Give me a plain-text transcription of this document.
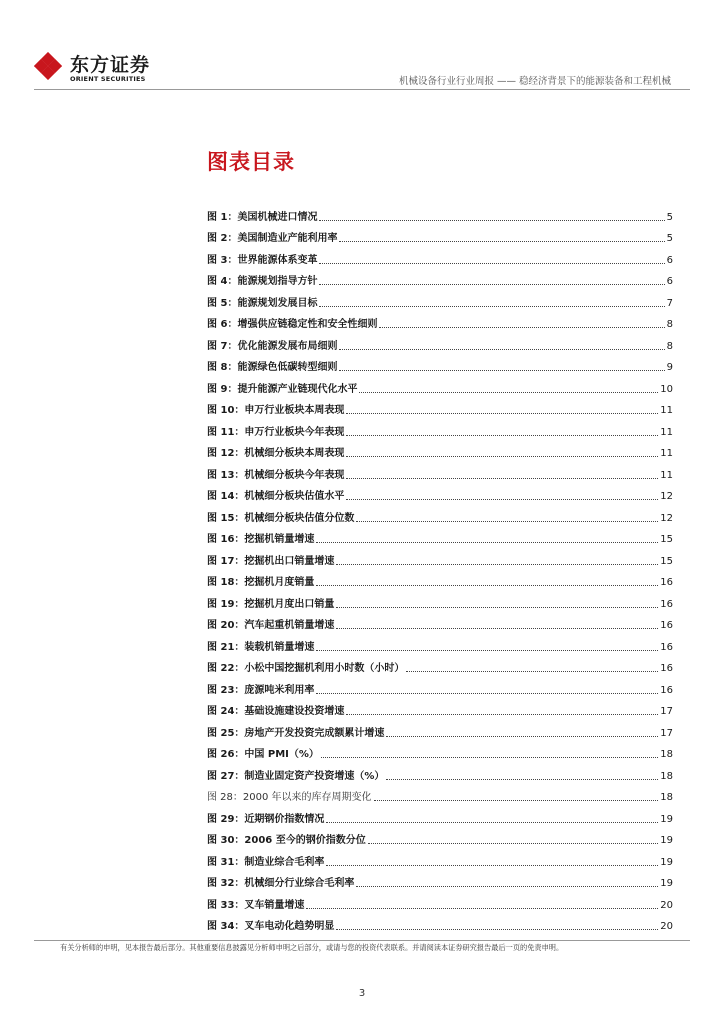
东方证券
ORIENT SECURITIES	机械设备行业行业周报 —— 稳经济背景下的能源装备和工程机械
图表目录
图 1：美国机械进口情况	5
图 2：美国制造业产能利用率	5
图 3：世界能源体系变革	6
图 4：能源规划指导方针	6
图 5：能源规划发展目标	7
图 6：增强供应链稳定性和安全性细则	8
图 7：优化能源发展布局细则	8
图 8：能源绿色低碳转型细则	9
图 9：提升能源产业链现代化水平	10
图 10：申万行业板块本周表现	11
图 11：申万行业板块今年表现	11
图 12：机械细分板块本周表现	11
图 13：机械细分板块今年表现	11
图 14：机械细分板块估值水平	12
图 15：机械细分板块估值分位数	12
图 16：挖掘机销量增速	15
图 17：挖掘机出口销量增速	15
图 18：挖掘机月度销量	16
图 19：挖掘机月度出口销量	16
图 20：汽车起重机销量增速	16
图 21：装载机销量增速	16
图 22：小松中国挖掘机利用小时数（小时）	16
图 23：庞源吨米利用率	16
图 24：基础设施建设投资增速	17
图 25：房地产开发投资完成额累计增速	17
图 26：中国 PMI（%）	18
图 27：制造业固定资产投资增速（%）	18
图 28：2000 年以来的库存周期变化	18
图 29：近期钢价指数情况	19
图 30：2006 至今的钢价指数分位	19
图 31：制造业综合毛利率	19
图 32：机械细分行业综合毛利率	19
图 33：叉车销量增速	20
图 34：叉车电动化趋势明显	20
有关分析师的申明，见本报告最后部分。其他重要信息披露见分析师申明之后部分，或请与您的投资代表联系。并请阅读本证券研究报告最后一页的免责申明。
3
